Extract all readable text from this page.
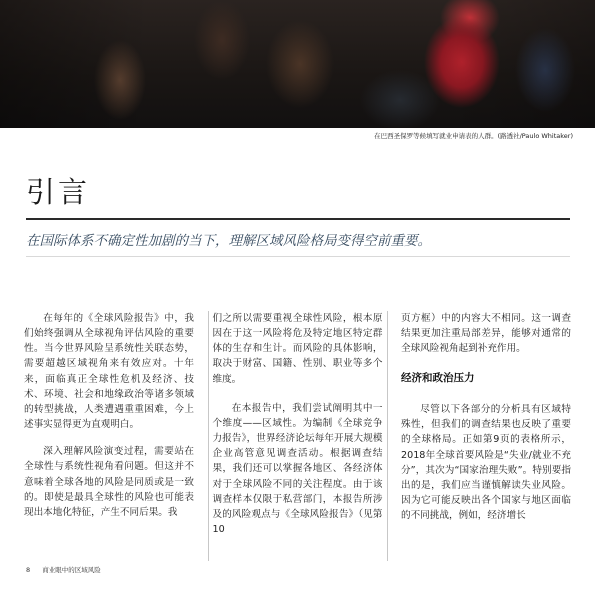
在巴西圣保罗等候填写就业申请表的人群。(路透社/Paulo Whitaker)
引言
在国际体系不确定性加剧的当下，理解区域风险格局变得空前重要。

在每年的《全球风险报告》中，我们始终强调从全球视角评估风险的重要性。当今世界风险呈系统性关联态势，需要超越区域视角来有效应对。十年来，面临真正全球性危机及经济、技术、环境、社会和地缘政治等诸多领域的转型挑战，人类遭遇重重困难，今上述事实显得更为直观明白。

深入理解风险演变过程，需要站在全球性与系统性视角看问题。但这并不意味着全球各地的风险是同质或是一致的。即使是最具全球性的风险也可能表现出本地化特征，产生不同后果。我

们之所以需要重视全球性风险，根本原因在于这一风险将危及特定地区特定群体的生存和生计。而风险的具体影响，取决于财富、国籍、性别、职业等多个维度。

在本报告中，我们尝试阐明其中一个维度——区域性。为编制《全球竞争力报告》，世界经济论坛每年开展大规模企业高管意见调查活动。根据调查结果，我们还可以掌握各地区、各经济体对于全球风险不同的关注程度。由于该调查样本仅限于私营部门，本报告所涉及的风险观点与《全球风险报告》（见第10

页方框）中的内容大不相同。这一调查结果更加注重局部差异，能够对通常的全球风险视角起到补充作用。

经济和政治压力

尽管以下各部分的分析具有区域特殊性，但我们的调查结果也反映了重要的全球格局。正如第9页的表格所示，2018年全球首要风险是“失业/就业不充分”，其次为“国家治理失败”。特别要指出的是，我们应当谨慎解读失业风险。因为它可能反映出各个国家与地区面临的不同挑战，例如，经济增长

8 商业眼中的区域风险
